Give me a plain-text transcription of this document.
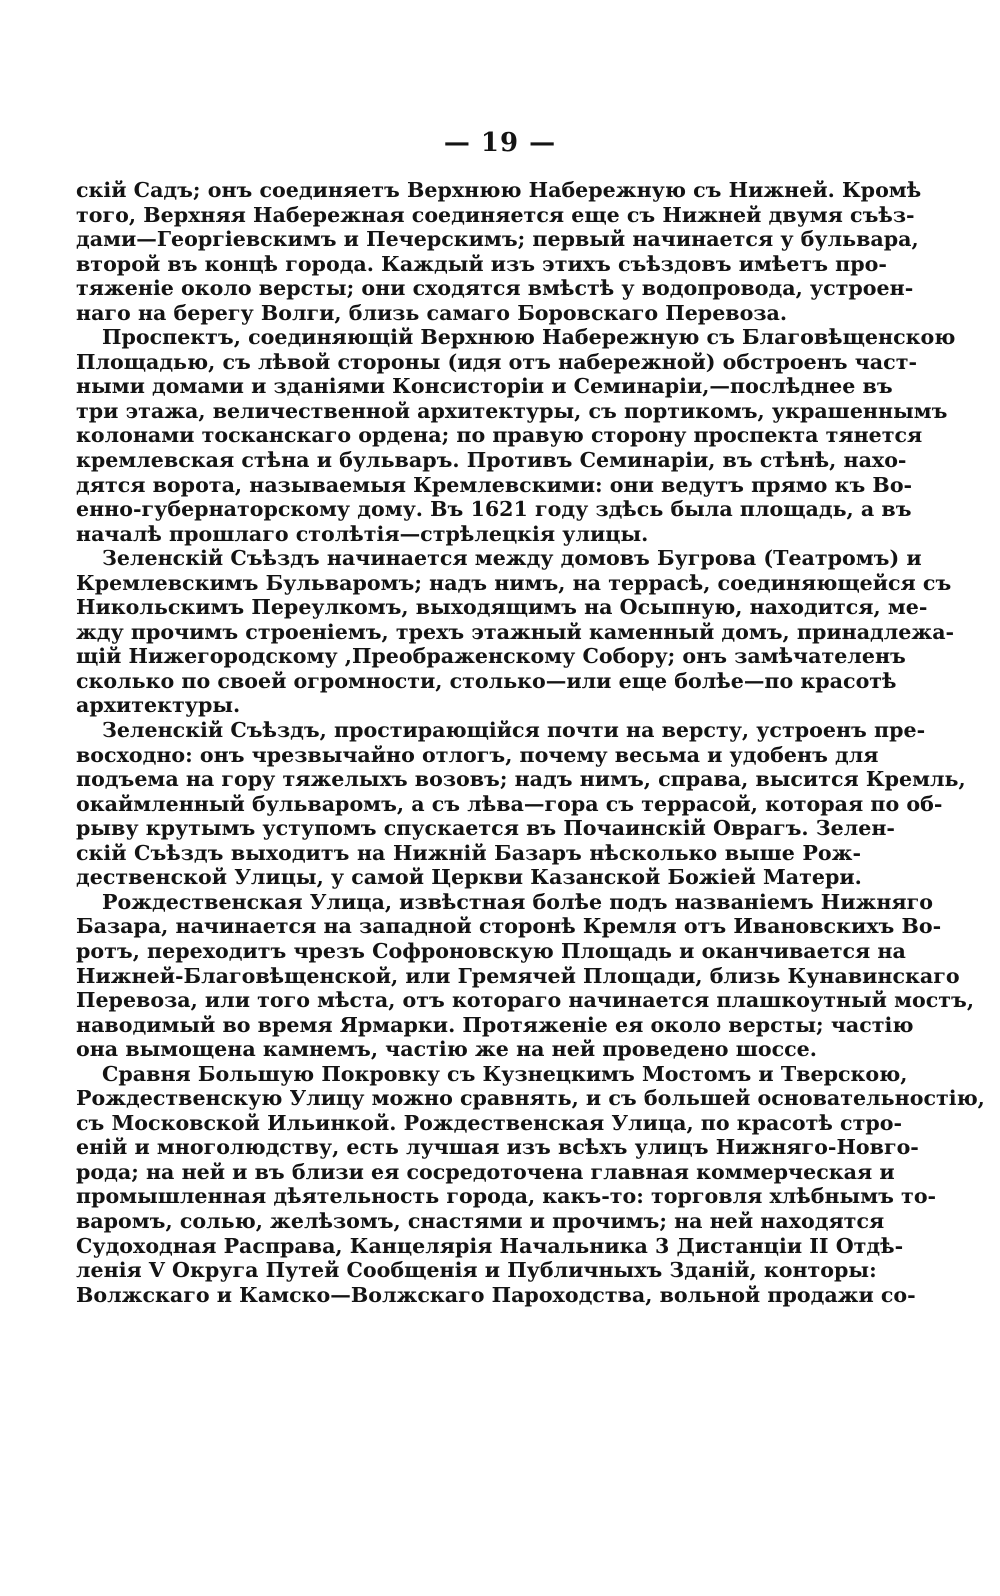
— 19 —
скій Садъ; онъ соединяетъ Верхнюю Набережную съ Нижней. Кромѣ
того, Верхняя Набережная соединяется еще съ Нижней двумя съѣз-
дами—Георгіевскимъ и Печерскимъ; первый начинается у бульвара,
второй въ концѣ города. Каждый изъ этихъ съѣздовъ имѣетъ про-
тяженіе около версты; они сходятся вмѣстѣ у водопровода, устроен-
наго на берегу Волги, близь самаго Боровскаго Перевоза.
Проспектъ, соединяющій Верхнюю Набережную съ Благовѣщенскою
Площадью, съ лѣвой стороны (идя отъ набережной) обстроенъ част-
ными домами и зданіями Консисторіи и Семинаріи,—послѣднее въ
три этажа, величественной архитектуры, съ портикомъ, украшеннымъ
колонами тосканскаго ордена; по правую сторону проспекта тянется
кремлевская стѣна и бульваръ. Противъ Семинаріи, въ стѣнѣ, нахо-
дятся ворота, называемыя Кремлевскими: они ведутъ прямо къ Во-
енно-губернаторскому дому. Въ 1621 году здѣсь была площадь, а въ
началѣ прошлаго столѣтія—стрѣлецкія улицы.
Зеленскій Съѣздъ начинается между домовъ Бугрова (Театромъ) и
Кремлевскимъ Бульваромъ; надъ нимъ, на террасѣ, соединяющейся съ
Никольскимъ Переулкомъ, выходящимъ на Осыпную, находится, ме-
жду прочимъ строеніемъ, трехъ этажный каменный домъ, принадлежа-
щій Нижегородскому ,Преображенскому Собору; онъ замѣчателенъ
сколько по своей огромности, столько—или еще болѣе—по красотѣ
архитектуры.
Зеленскій Съѣздъ, простирающійся почти на версту, устроенъ пре-
восходно: онъ чрезвычайно отлогъ, почему весьма и удобенъ для
подъема на гору тяжелыхъ возовъ; надъ нимъ, справа, высится Кремль,
окаймленный бульваромъ, а съ лѣва—гора съ террасой, которая по об-
рыву крутымъ уступомъ спускается въ Почаинскій Оврагъ. Зелен-
скій Съѣздъ выходитъ на Нижній Базаръ нѣсколько выше Рож-
дественской Улицы, у самой Церкви Казанской Божіей Матери.
Рождественская Улица, извѣстная болѣе подъ названіемъ Нижняго
Базара, начинается на западной сторонѣ Кремля отъ Ивановскихъ Во-
ротъ, переходитъ чрезъ Софроновскую Площадь и оканчивается на
Нижней-Благовѣщенской, или Гремячей Площади, близь Кунавинскаго
Перевоза, или того мѣста, отъ котораго начинается плашкоутный мостъ,
наводимый во время Ярмарки. Протяженіе ея около версты; частію
она вымощена камнемъ, частію же на ней проведено шоссе.
Сравня Большую Покровку съ Кузнецкимъ Мостомъ и Тверскою,
Рождественскую Улицу можно сравнять, и съ большей основательностію,
съ Московской Ильинкой. Рождественская Улица, по красотѣ стро-
еній и многолюдству, есть лучшая изъ всѣхъ улицъ Нижняго-Новго-
рода; на ней и въ близи ея сосредоточена главная коммерческая и
промышленная дѣятельность города, какъ-то: торговля хлѣбнымъ то-
варомъ, солью, желѣзомъ, снастями и прочимъ; на ней находятся
Судоходная Расправа, Канцелярія Начальника 3 Дистанціи II Отдѣ-
ленія V Округа Путей Сообщенія и Публичныхъ Зданій, конторы:
Волжскаго и Камско—Волжскаго Пароходства, вольной продажи со-
